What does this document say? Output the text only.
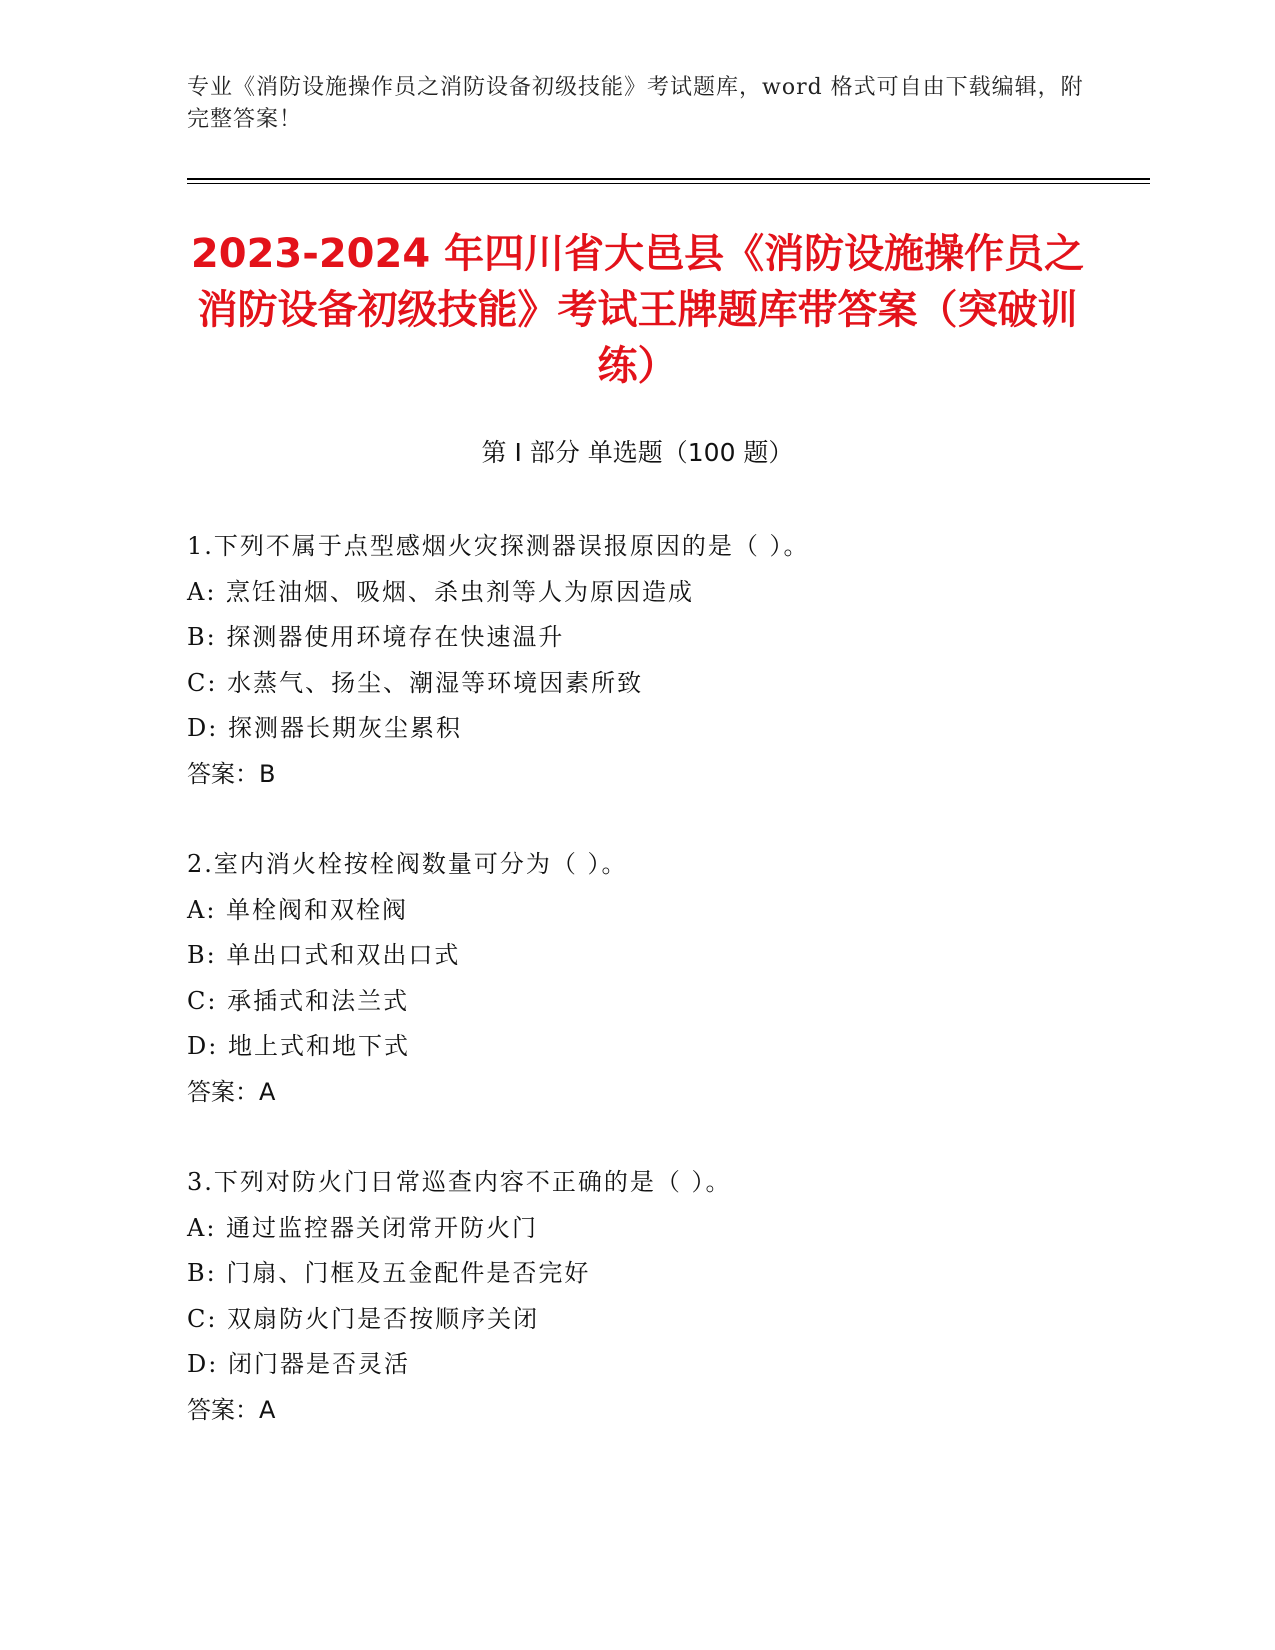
专业《消防设施操作员之消防设备初级技能》考试题库，word 格式可自由下载编辑，附完整答案！
2023-2024 年四川省大邑县《消防设施操作员之消防设备初级技能》考试王牌题库带答案（突破训练）
第 I 部分 单选题（100 题）
1.下列不属于点型感烟火灾探测器误报原因的是（ ）。
A: 烹饪油烟、吸烟、杀虫剂等人为原因造成
B: 探测器使用环境存在快速温升
C: 水蒸气、扬尘、潮湿等环境因素所致
D: 探测器长期灰尘累积
答案：B
2.室内消火栓按栓阀数量可分为（ ）。
A: 单栓阀和双栓阀
B: 单出口式和双出口式
C: 承插式和法兰式
D: 地上式和地下式
答案：A
3.下列对防火门日常巡查内容不正确的是（ ）。
A: 通过监控器关闭常开防火门
B: 门扇、门框及五金配件是否完好
C: 双扇防火门是否按顺序关闭
D: 闭门器是否灵活
答案：A
